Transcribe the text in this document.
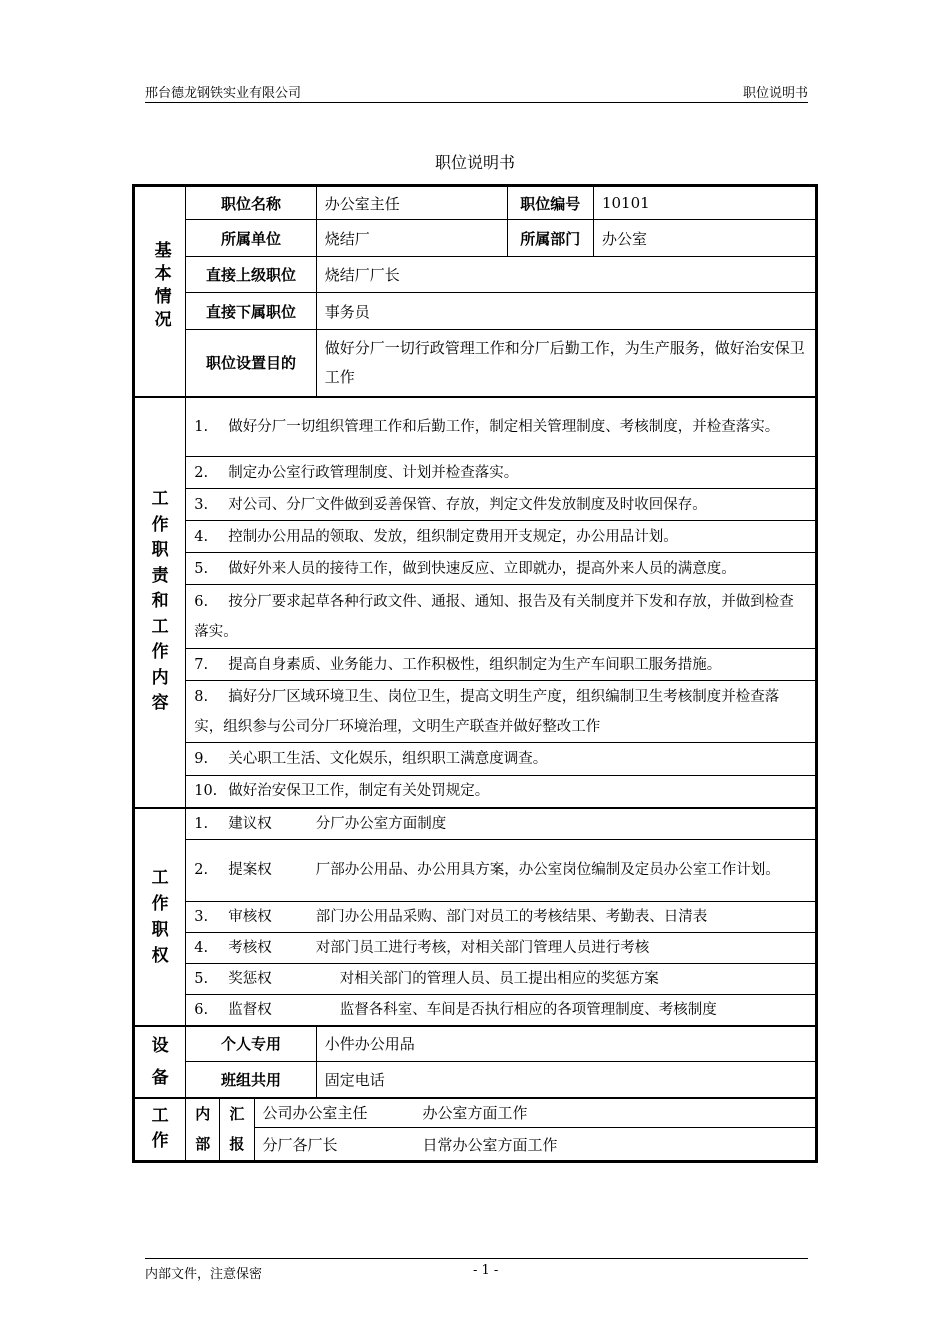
邢台德龙钢铁实业有限公司	职位说明书
职位说明书
基本情况	职位名称			办公室主任	职位编号	10101
	所属单位			烧结厂	所属部门	办公室
	直接上级职位			烧结厂厂长		
	直接下属职位			事务员		
	职位设置目的			做好分厂一切行政管理工作和分厂后勤工作，为生产服务，做好治安保卫工作		
工作职责和工作内容	1. 做好分厂一切组织管理工作和后勤工作，制定相关管理制度、考核制度，并检查落实。					
	2. 制定办公室行政管理制度、计划并检查落实。					
	3. 对公司、分厂文件做到妥善保管、存放，判定文件发放制度及时收回保存。					
	4. 控制办公用品的领取、发放，组织制定费用开支规定，办公用品计划。					
	5. 做好外来人员的接待工作，做到快速反应、立即就办，提高外来人员的满意度。					
	6. 按分厂要求起草各种行政文件、通报、通知、报告及有关制度并下发和存放，并做到检查落实。					
	7. 提高自身素质、业务能力、工作积极性，组织制定为生产车间职工服务措施。					
	8. 搞好分厂区域环境卫生、岗位卫生，提高文明生产度，组织编制卫生考核制度并检查落实，组织参与公司分厂环境治理，文明生产联查并做好整改工作					
	9. 关心职工生活、文化娱乐，组织职工满意度调查。					
	10. 做好治安保卫工作，制定有关处罚规定。					
工作职权	1. 建议权 分厂办公室方面制度					
	2. 提案权 厂部办公用品、办公用具方案，办公室岗位编制及定员办公室工作计划。					
	3. 审核权 部门办公用品采购、部门对员工的考核结果、考勤表、日清表					
	4. 考核权 对部门员工进行考核，对相关部门管理人员进行考核					
	5. 奖惩权 对相关部门的管理人员、员工提出相应的奖惩方案					
	6. 监督权 监督各科室、车间是否执行相应的各项管理制度、考核制度					
设备	个人专用			小件办公用品		
	班组共用			固定电话		
工作	内部	汇报	公司办公室主任 办公室方面工作			
			分厂各厂长 日常办公室方面工作			
内部文件，注意保密	- 1 -
